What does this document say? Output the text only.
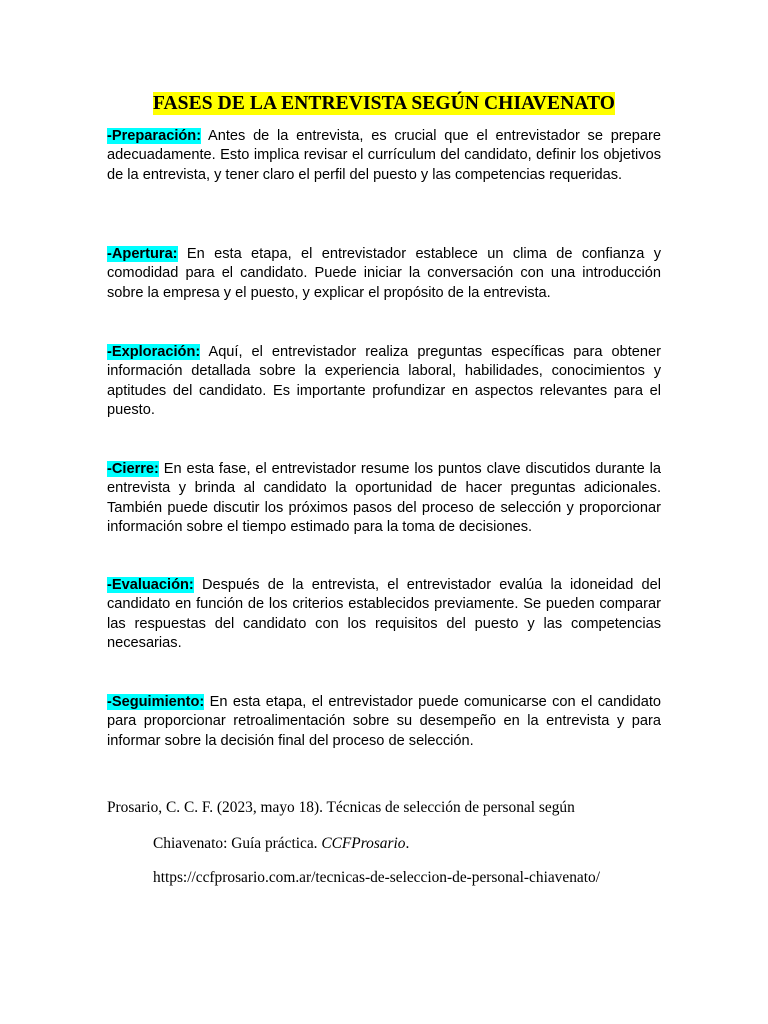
FASES DE LA ENTREVISTA SEGÚN CHIAVENATO
-Preparación: Antes de la entrevista, es crucial que el entrevistador se prepare adecuadamente. Esto implica revisar el currículum del candidato, definir los objetivos de la entrevista, y tener claro el perfil del puesto y las competencias requeridas.
-Apertura: En esta etapa, el entrevistador establece un clima de confianza y comodidad para el candidato. Puede iniciar la conversación con una introducción sobre la empresa y el puesto, y explicar el propósito de la entrevista.
-Exploración: Aquí, el entrevistador realiza preguntas específicas para obtener información detallada sobre la experiencia laboral, habilidades, conocimientos y aptitudes del candidato. Es importante profundizar en aspectos relevantes para el puesto.
-Cierre: En esta fase, el entrevistador resume los puntos clave discutidos durante la entrevista y brinda al candidato la oportunidad de hacer preguntas adicionales. También puede discutir los próximos pasos del proceso de selección y proporcionar información sobre el tiempo estimado para la toma de decisiones.
-Evaluación: Después de la entrevista, el entrevistador evalúa la idoneidad del candidato en función de los criterios establecidos previamente. Se pueden comparar las respuestas del candidato con los requisitos del puesto y las competencias necesarias.
-Seguimiento: En esta etapa, el entrevistador puede comunicarse con el candidato para proporcionar retroalimentación sobre su desempeño en la entrevista y para informar sobre la decisión final del proceso de selección.
Prosario, C. C. F. (2023, mayo 18). Técnicas de selección de personal según
Chiavenato: Guía práctica. CCFProsario.
https://ccfprosario.com.ar/tecnicas-de-seleccion-de-personal-chiavenato/
